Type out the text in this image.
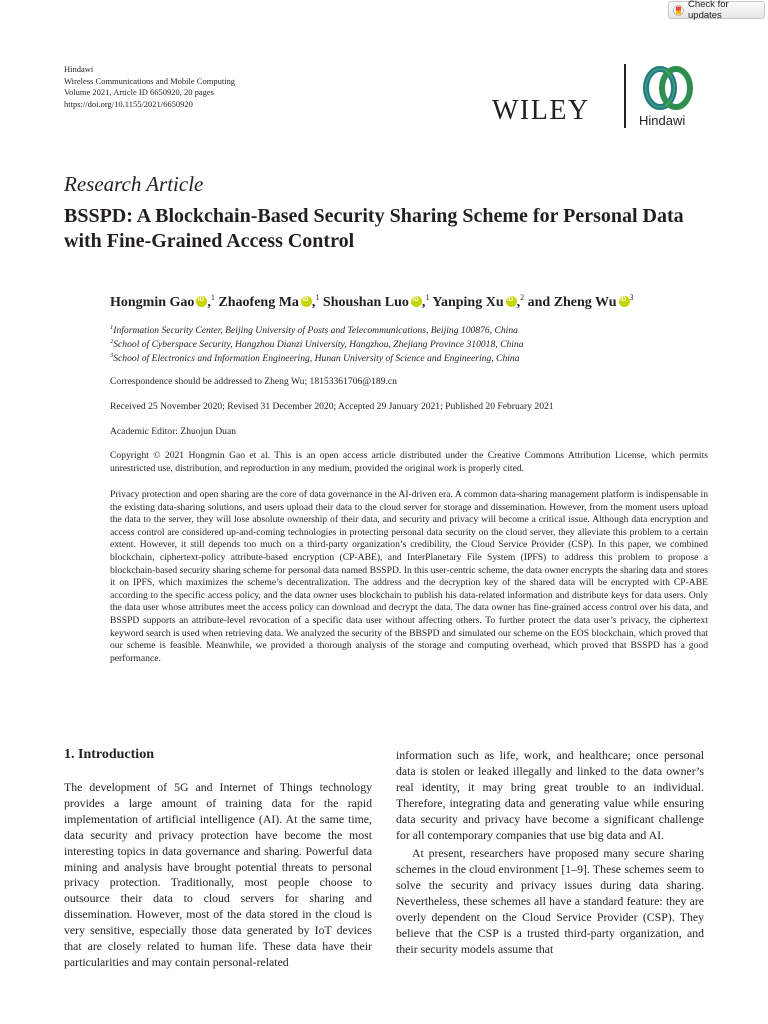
Check for updates
Hindawi
Wireless Communications and Mobile Computing
Volume 2021, Article ID 6650920, 20 pages
https://doi.org/10.1155/2021/6650920	WILEY	Hindawi
Research Article
BSSPD: A Blockchain-Based Security Sharing Scheme for Personal Data with Fine-Grained Access Control
Hongmin Gao iD ,$^1$ Zhaofeng Ma iD ,$^1$ Shoushan Luo iD ,$^1$ Yanping Xu iD ,$^2$ and Zheng Wu iD $^3$
$^1$Information Security Center, Beijing University of Posts and Telecommunications, Beijing 100876, China
$^2$School of Cyberspace Security, Hangzhou Dianzi University, Hangzhou, Zhejiang Province 310018, China
$^3$School of Electronics and Information Engineering, Hunan University of Science and Engineering, China
Correspondence should be addressed to Zheng Wu; 18153361706@189.cn
Received 25 November 2020; Revised 31 December 2020; Accepted 29 January 2021; Published 20 February 2021
Academic Editor: Zhuojun Duan
Copyright © 2021 Hongmin Gao et al. This is an open access article distributed under the Creative Commons Attribution License, which permits unrestricted use, distribution, and reproduction in any medium, provided the original work is properly cited.
Privacy protection and open sharing are the core of data governance in the AI-driven era. A common data-sharing management platform is indispensable in the existing data-sharing solutions, and users upload their data to the cloud server for storage and dissemination. However, from the moment users upload the data to the server, they will lose absolute ownership of their data, and security and privacy will become a critical issue. Although data encryption and access control are considered up-and-coming technologies in protecting personal data security on the cloud server, they alleviate this problem to a certain extent. However, it still depends too much on a third-party organization’s credibility, the Cloud Service Provider (CSP). In this paper, we combined blockchain, ciphertext-policy attribute-based encryption (CP-ABE), and InterPlanetary File System (IPFS) to address this problem to propose a blockchain-based security sharing scheme for personal data named BSSPD. In this user-centric scheme, the data owner encrypts the sharing data and stores it on IPFS, which maximizes the scheme’s decentralization. The address and the decryption key of the shared data will be encrypted with CP-ABE according to the specific access policy, and the data owner uses blockchain to publish his data-related information and distribute keys for data users. Only the data user whose attributes meet the access policy can download and decrypt the data. The data owner has fine-grained access control over his data, and BSSPD supports an attribute-level revocation of a specific data user without affecting others. To further protect the data user’s privacy, the ciphertext keyword search is used when retrieving data. We analyzed the security of the BBSPD and simulated our scheme on the EOS blockchain, which proved that our scheme is feasible. Meanwhile, we provided a thorough analysis of the storage and computing overhead, which proved that BSSPD has a good performance.
1. Introduction

The development of 5G and Internet of Things technology provides a large amount of training data for the rapid implementation of artificial intelligence (AI). At the same time, data security and privacy protection have become the most interesting topics in data governance and sharing. Powerful data mining and analysis have brought potential threats to personal privacy protection. Traditionally, most people choose to outsource their data to cloud servers for sharing and dissemination. However, most of the data stored in the cloud is very sensitive, especially those data generated by IoT devices that are closely related to human life. These data have their particularities and may contain personal-related

information such as life, work, and healthcare; once personal data is stolen or leaked illegally and linked to the data owner’s real identity, it may bring great trouble to an individual. Therefore, integrating data and generating value while ensuring data security and privacy have become a significant challenge for all contemporary companies that use big data and AI.

At present, researchers have proposed many secure sharing schemes in the cloud environment [1–9]. These schemes seem to solve the security and privacy issues during data sharing. Nevertheless, these schemes all have a standard feature: they are overly dependent on the Cloud Service Provider (CSP). They believe that the CSP is a trusted third-party organization, and their security models assume that
